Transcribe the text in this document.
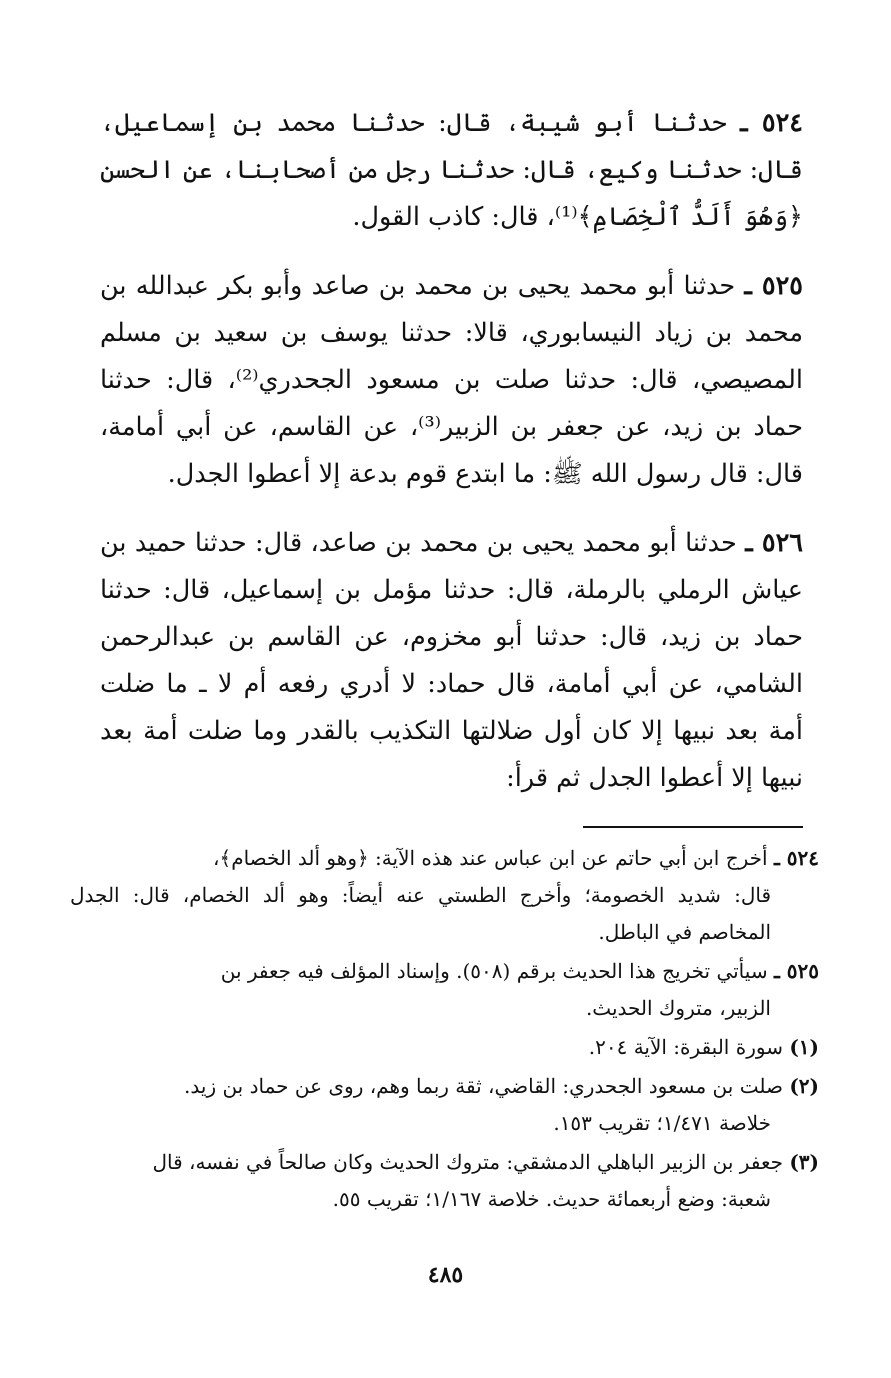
٥٢٤ ـ حدثنا أبو شيبة، قال: حدثنا محمد بن إسماعيل، قال: حدثنا وكيع، قال: حدثنا رجل من أصحابنا، عن الحسن ﴿وَهُوَ أَلَدُّ ٱلْخِصَامِ﴾⁽¹⁾، قال: كاذب القول.

٥٢٥ ـ حدثنا أبو محمد يحيى بن محمد بن صاعد وأبو بكر عبدالله بن محمد بن زياد النيسابوري، قالا: حدثنا يوسف بن سعيد بن مسلم المصيصي، قال: حدثنا صلت بن مسعود الجحدري⁽²⁾، قال: حدثنا حماد بن زيد، عن جعفر بن الزبير⁽³⁾، عن القاسم، عن أبي أمامة، قال: قال رسول الله ﷺ: ما ابتدع قوم بدعة إلا أعطوا الجدل.

٥٢٦ ـ حدثنا أبو محمد يحيى بن محمد بن صاعد، قال: حدثنا حميد بن عياش الرملي بالرملة، قال: حدثنا مؤمل بن إسماعيل، قال: حدثنا حماد بن زيد، قال: حدثنا أبو مخزوم، عن القاسم بن عبدالرحمن الشامي، عن أبي أمامة، قال حماد: لا أدري رفعه أم لا ـ ما ضلت أمة بعد نبيها إلا كان أول ضلالتها التكذيب بالقدر وما ضلت أمة بعد نبيها إلا أعطوا الجدل ثم قرأ:

٥٢٤ ـ أخرج ابن أبي حاتم عن ابن عباس عند هذه الآية: ﴿وهو ألد الخصام﴾،
قال: شديد الخصومة؛ وأخرج الطستي عنه أيضاً: وهو ألد الخصام، قال: الجدل المخاصم في الباطل.
٥٢٥ ـ سيأتي تخريج هذا الحديث برقم (٥٠٨). وإسناد المؤلف فيه جعفر بن
الزبير، متروك الحديث.
(١) سورة البقرة: الآية ٢٠٤.
(٢) صلت بن مسعود الجحدري: القاضي، ثقة ربما وهم، روى عن حماد بن زيد.
خلاصة ١/٤٧١؛ تقريب ١٥٣.
(٣) جعفر بن الزبير الباهلي الدمشقي: متروك الحديث وكان صالحاً في نفسه، قال
شعبة: وضع أربعمائة حديث. خلاصة ١/١٦٧؛ تقريب ٥٥.
٤٨٥
